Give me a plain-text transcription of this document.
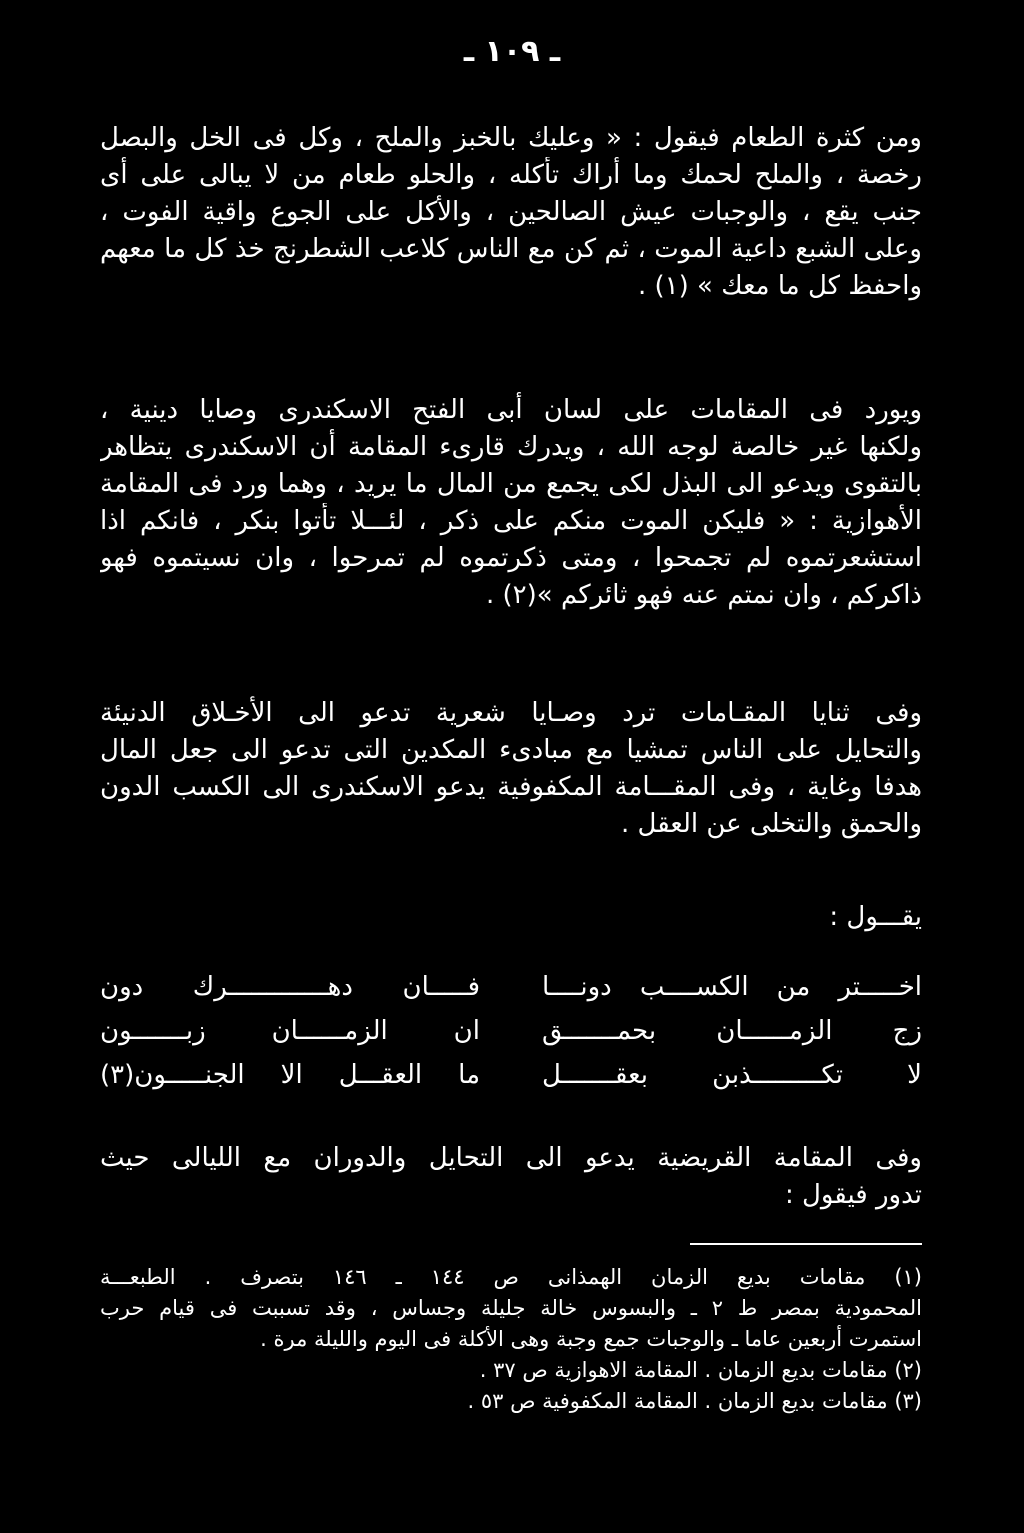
ـ ١٠٩ ـ
ومن كثرة الطعام فيقول : « وعليك بالخبز والملح ، وكل فى الخل والبصل
رخصة ، والملح لحمك وما أراك تأكله ، والحلو طعام من لا يبالى على أى
جنب يقع ، والوجبات عيش الصالحين ، والأكل على الجوع واقية الفوت ،
وعلى الشبع داعية الموت ، ثم كن مع الناس كلاعب الشطرنج خذ كل ما معهم
واحفظ كل ما معك » (١) .
ويورد فى المقامات على لسان أبى الفتح الاسكندرى وصايا دينية ،
ولكنها غير خالصة لوجه الله ، ويدرك قارىء المقامة أن الاسكندرى يتظاهر
بالتقوى ويدعو الى البذل لكى يجمع من المال ما يريد ، وهما ورد فى المقامة
الأهوازية : « فليكن الموت منكم على ذكر ، لئـــلا تأتوا بنكر ، فانكم اذا
استشعرتموه لم تجمحوا ، ومتى ذكرتموه لم تمرحوا ، وان نسيتموه فهو
ذاكركم ، وان نمتم عنه فهو ثائركم »(٢) .
وفى ثنايا المقـامات ترد وصـايا شعرية تدعو الى الأخـلاق الدنيئة
والتحايل على الناس تمشيا مع مبادىء المكدين التى تدعو الى جعل المال
هدفا وغاية ، وفى المقـــامة المكفوفية يدعو الاسكندرى الى الكسب الدون
والحمق والتخلى عن العقل .
يقـــول :
اخـــــتر من الكســــب دونــــا
فـــــان دهـــــــــــــرك دون
زج الزمــــــان بحمـــــــق
ان الزمــــــان زبـــــــون
لا تكـــــــــذبن بعقـــــــل
ما العقـــل الا الجنـــــون(٣)
وفى المقامة القريضية يدعو الى التحايل والدوران مع الليالى حيث
تدور فيقول :
(١) مقامات بديع الزمان الهمذانى ص ١٤٤ ـ ١٤٦ بتصرف . الطبعـــة
المحمودية بمصر ط ٢ ـ والبسوس خالة جليلة وجساس ، وقد تسببت فى قيام حرب
استمرت أربعين عاما ـ والوجبات جمع وجبة وهى الأكلة فى اليوم والليلة مرة .
(٢) مقامات بديع الزمان . المقامة الاهوازية ص ٣٧ .
(٣) مقامات بديع الزمان . المقامة المكفوفية ص ٥٣ .
